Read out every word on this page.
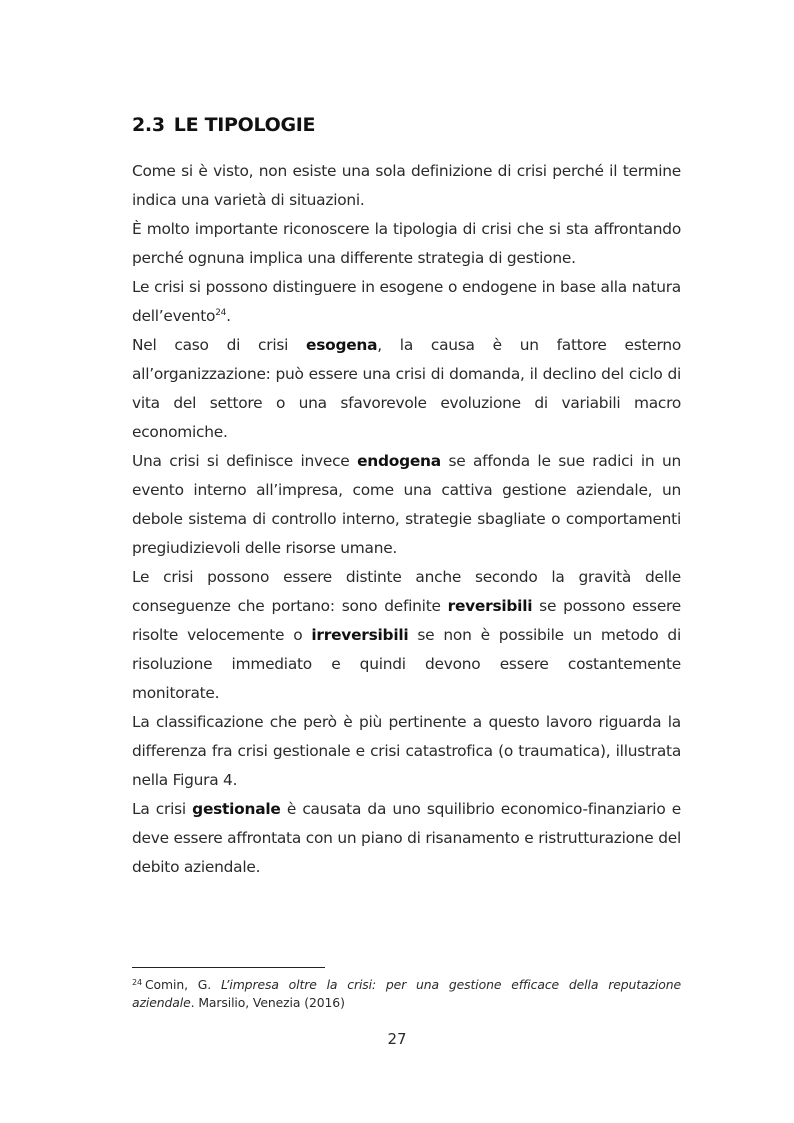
2.3 LE TIPOLOGIE

Come si è visto, non esiste una sola definizione di crisi perché il termine indica una varietà di situazioni.

È molto importante riconoscere la tipologia di crisi che si sta affrontando perché ognuna implica una differente strategia di gestione.

Le crisi si possono distinguere in esogene o endogene in base alla natura dell’evento$^{24}$.

Nel caso di crisi esogena, la causa è un fattore esterno all’organizzazione: può essere una crisi di domanda, il declino del ciclo di vita del settore o una sfavorevole evoluzione di variabili macro economiche.

Una crisi si definisce invece endogena se affonda le sue radici in un evento interno all’impresa, come una cattiva gestione aziendale, un debole sistema di controllo interno, strategie sbagliate o comportamenti pregiudizievoli delle risorse umane.

Le crisi possono essere distinte anche secondo la gravità delle conseguenze che portano: sono definite reversibili se possono essere risolte velocemente o irreversibili se non è possibile un metodo di risoluzione immediato e quindi devono essere costantemente monitorate.

La classificazione che però è più pertinente a questo lavoro riguarda la differenza fra crisi gestionale e crisi catastrofica (o traumatica), illustrata nella Figura 4.

La crisi gestionale è causata da uno squilibrio economico-finanziario e deve essere affrontata con un piano di risanamento e ristrutturazione del debito aziendale.

$^{24}$ Comin, G. L’impresa oltre la crisi: per una gestione efficace della reputazione aziendale. Marsilio, Venezia (2016)
27
